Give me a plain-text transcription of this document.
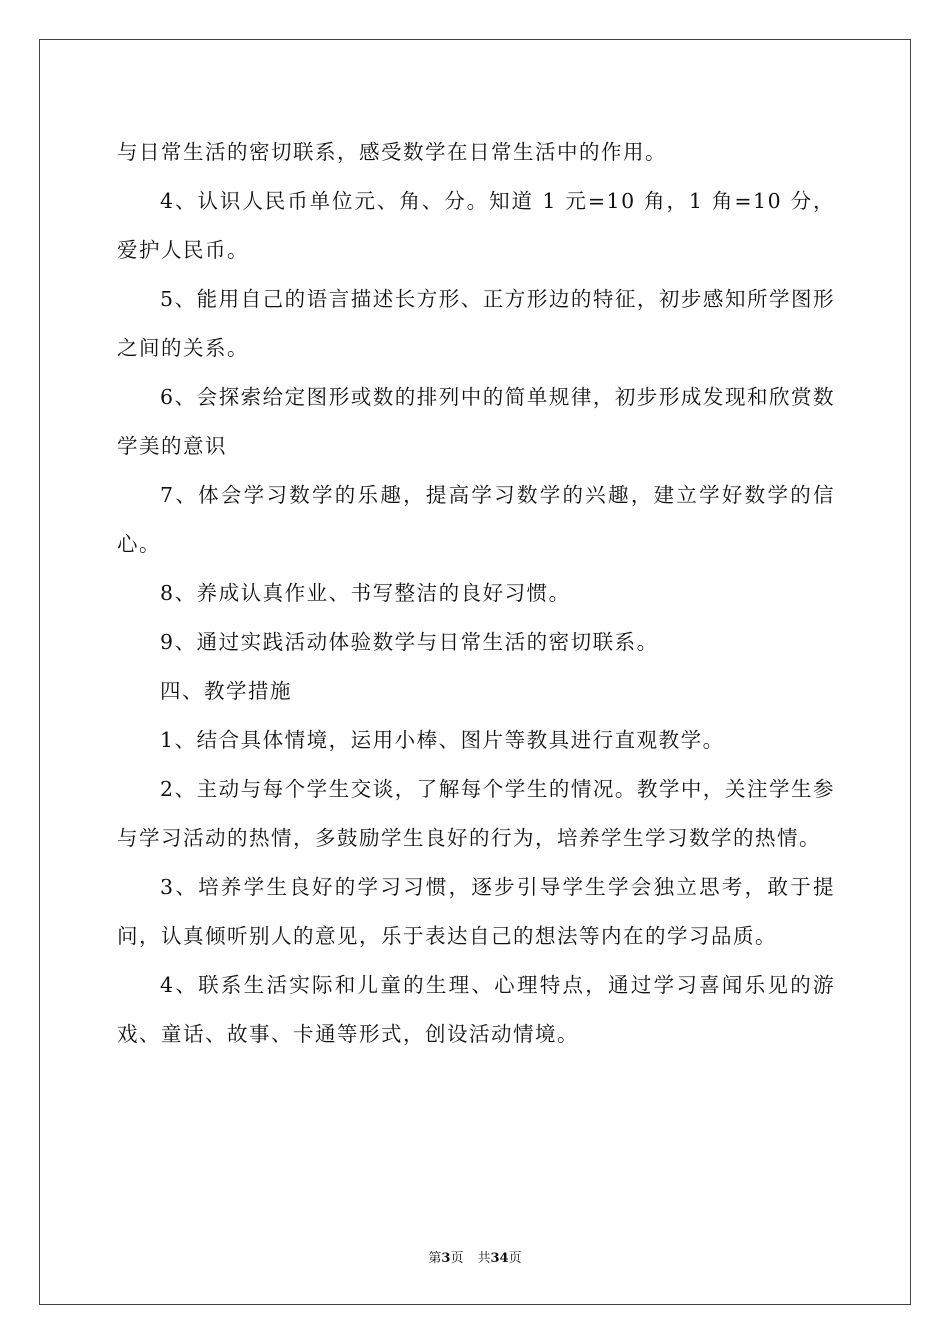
与日常生活的密切联系，感受数学在日常生活中的作用。

4、认识人民币单位元、角、分。知道 1 元=10 角，1 角=10 分，爱护人民币。

5、能用自己的语言描述长方形、正方形边的特征，初步感知所学图形之间的关系。

6、会探索给定图形或数的排列中的简单规律，初步形成发现和欣赏数学美的意识

7、体会学习数学的乐趣，提高学习数学的兴趣，建立学好数学的信心。

8、养成认真作业、书写整洁的良好习惯。

9、通过实践活动体验数学与日常生活的密切联系。

四、教学措施

1、结合具体情境，运用小棒、图片等教具进行直观教学。

2、主动与每个学生交谈，了解每个学生的情况。教学中，关注学生参与学习活动的热情，多鼓励学生良好的行为，培养学生学习数学的热情。

3、培养学生良好的学习习惯，逐步引导学生学会独立思考，敢于提问，认真倾听别人的意见，乐于表达自己的想法等内在的学习品质。

4、联系生活实际和儿童的生理、心理特点，通过学习喜闻乐见的游戏、童话、故事、卡通等形式，创设活动情境。

第3页 共34页
